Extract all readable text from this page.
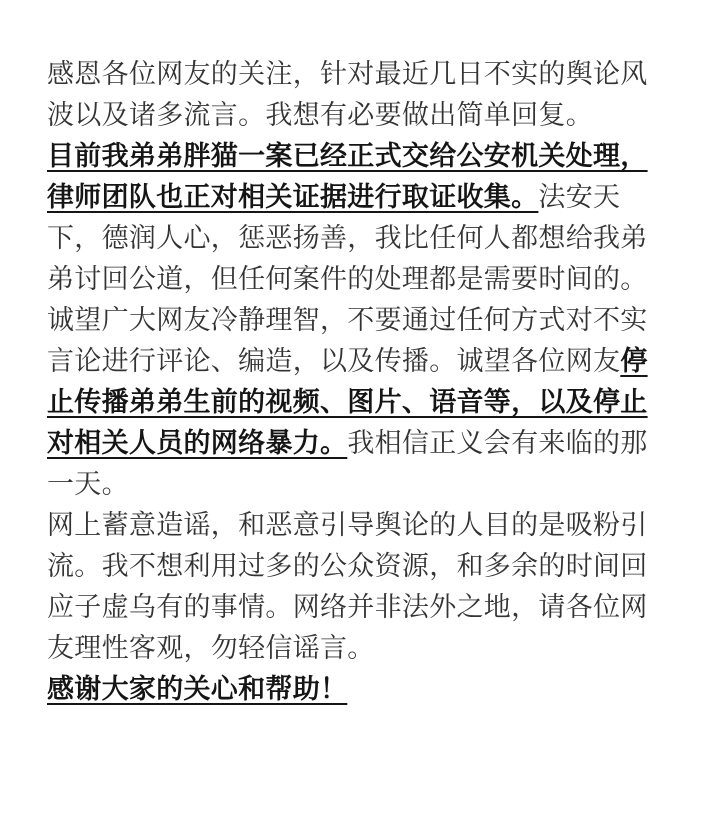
感恩各位网友的关注，针对最近几日不实的舆论风波以及诸多流言。我想有必要做出简单回复。

目前我弟弟胖猫一案已经正式交给公安机关处理，律师团队也正对相关证据进行取证收集。法安天下，德润人心，惩恶扬善，我比任何人都想给我弟弟讨回公道，但任何案件的处理都是需要时间的。

诚望广大网友冷静理智，不要通过任何方式对不实言论进行评论、编造，以及传播。诚望各位网友停止传播弟弟生前的视频、图片、语音等，以及停止对相关人员的网络暴力。我相信正义会有来临的那一天。

网上蓄意造谣，和恶意引导舆论的人目的是吸粉引流。我不想利用过多的公众资源，和多余的时间回应子虚乌有的事情。网络并非法外之地，请各位网友理性客观，勿轻信谣言。

感谢大家的关心和帮助！
